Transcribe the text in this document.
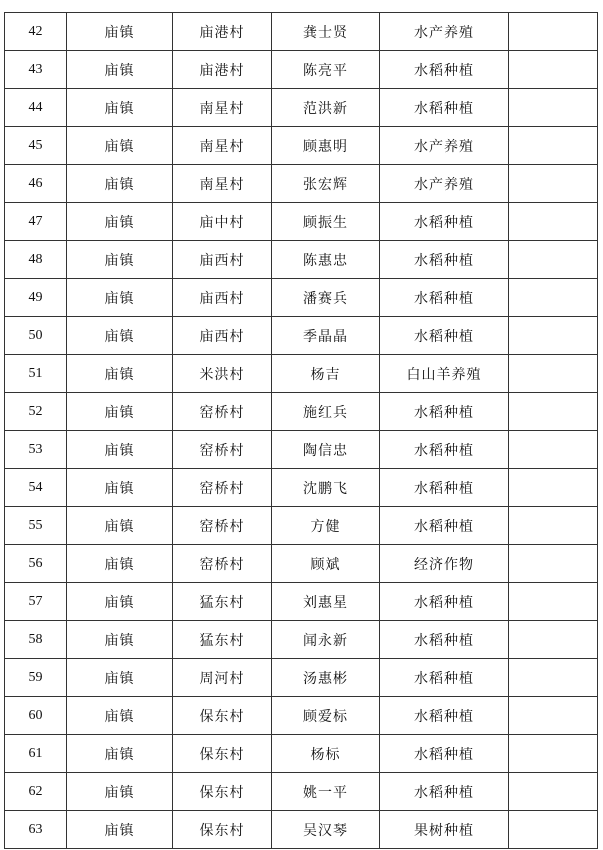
42	庙镇	庙港村	龚士贤	水产养殖	
43	庙镇	庙港村	陈亮平	水稻种植	
44	庙镇	南星村	范洪新	水稻种植	
45	庙镇	南星村	顾惠明	水产养殖	
46	庙镇	南星村	张宏辉	水产养殖	
47	庙镇	庙中村	顾振生	水稻种植	
48	庙镇	庙西村	陈惠忠	水稻种植	
49	庙镇	庙西村	潘赛兵	水稻种植	
50	庙镇	庙西村	季晶晶	水稻种植	
51	庙镇	米洪村	杨吉	白山羊养殖	
52	庙镇	窑桥村	施红兵	水稻种植	
53	庙镇	窑桥村	陶信忠	水稻种植	
54	庙镇	窑桥村	沈鹏飞	水稻种植	
55	庙镇	窑桥村	方健	水稻种植	
56	庙镇	窑桥村	顾斌	经济作物	
57	庙镇	猛东村	刘惠星	水稻种植	
58	庙镇	猛东村	闻永新	水稻种植	
59	庙镇	周河村	汤惠彬	水稻种植	
60	庙镇	保东村	顾爱标	水稻种植	
61	庙镇	保东村	杨标	水稻种植	
62	庙镇	保东村	姚一平	水稻种植	
63	庙镇	保东村	吴汉琴	果树种植	
